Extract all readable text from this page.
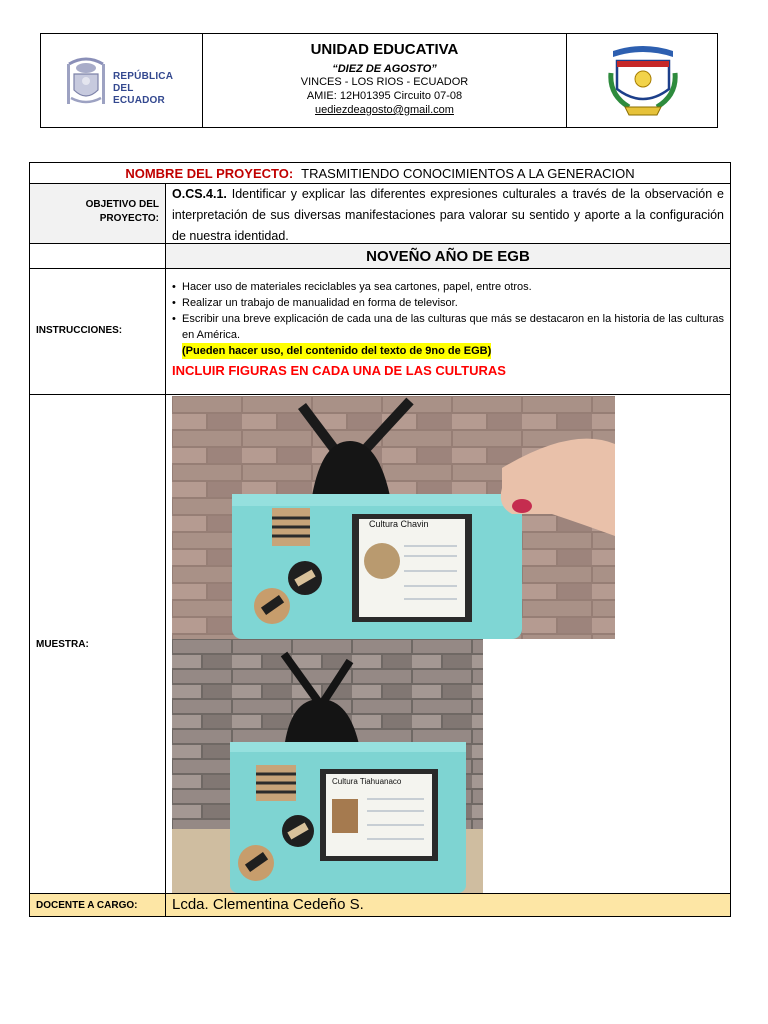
REPÚBLICA
DEL ECUADOR
UNIDAD EDUCATIVA
“DIEZ DE AGOSTO”
VINCES - LOS RIOS - ECUADOR
AMIE: 12H01395 Circuito 07-08
uediezdeagosto@gmail.com
NOMBRE DEL PROYECTO: TRASMITIENDO CONOCIMIENTOS A LA GENERACION
OBJETIVO DEL
PROYECTO:
O.CS.4.1. Identificar y explicar las diferentes expresiones culturales a través de la observación e interpretación de sus diversas manifestaciones para valorar su sentido y aporte a la configuración de nuestra identidad.
NOVEÑO AÑO DE EGB
INSTRUCCIONES:
• Hacer uso de materiales reciclables ya sea cartones, papel, entre otros.
• Realizar un trabajo de manualidad en forma de televisor.
• Escribir una breve explicación de cada una de las culturas que más se destacaron en la historia de las culturas en América.
(Pueden hacer uso, del contenido del texto de 9no de EGB)
INCLUIR FIGURAS EN CADA UNA DE LAS CULTURAS
MUESTRA:
Cultura Chavin
Cultura Tiahuanaco
DOCENTE A CARGO:	Lcda. Clementina Cedeño S.
